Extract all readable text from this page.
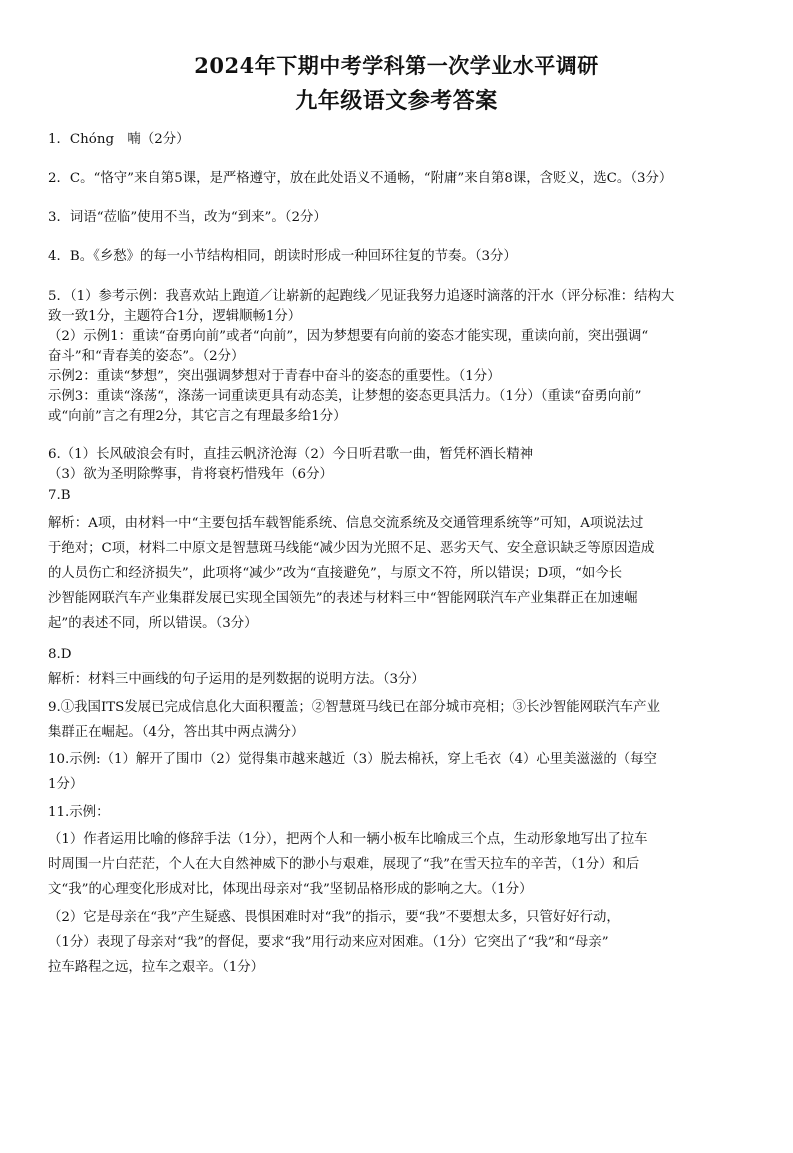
2024年下期中考学科第一次学业水平调研
九年级语文参考答案
1．Chóng　喃（2分）
2．C。“恪守”来自第5课，是严格遵守，放在此处语义不通畅，“附庸”来自第8课，含贬义，选C。（3分）
3．词语“莅临”使用不当，改为“到来”。（2分）
4．B。《乡愁》的每一小节结构相同，朗读时形成一种回环往复的节奏。（3分）
5．（1）参考示例：我喜欢站上跑道／让崭新的起跑线／见证我努力追逐时滴落的汗水（评分标准：结构大
致一致1分，主题符合1分，逻辑顺畅1分）
（2）示例1：重读“奋勇向前”或者“向前”，因为梦想要有向前的姿态才能实现，重读向前，突出强调“
奋斗”和“青春美的姿态”。（2分）
示例2：重读“梦想”，突出强调梦想对于青春中奋斗的姿态的重要性。（1分）
示例3：重读“涤荡“，涤荡一词重读更具有动态美，让梦想的姿态更具活力。（1分）（重读“奋勇向前”
或“向前”言之有理2分，其它言之有理最多给1分）
6.（1）长风破浪会有时，直挂云帆济沧海（2）今日听君歌一曲，暂凭杯酒长精神
（3）欲为圣明除弊事，肯将衰朽惜残年（6分）
7.B
解析：A项，由材料一中“主要包括车载智能系统、信息交流系统及交通管理系统等”可知，A项说法过
于绝对；C项，材料二中原文是智慧斑马线能“减少因为光照不足、恶劣天气、安全意识缺乏等原因造成
的人员伤亡和经济损失”，此项将“减少”改为“直接避免”，与原文不符，所以错误；D项，“如今长
沙智能网联汽车产业集群发展已实现全国领先”的表述与材料三中“智能网联汽车产业集群正在加速崛
起”的表述不同，所以错误。（3分）
8.D
解析：材料三中画线的句子运用的是列数据的说明方法。（3分）
9.①我国ITS发展已完成信息化大面积覆盖；②智慧斑马线已在部分城市亮相；③长沙智能网联汽车产业
集群正在崛起。（4分，答出其中两点满分）
10.示例:（1）解开了围巾（2）觉得集市越来越近（3）脱去棉袄，穿上毛衣（4）心里美滋滋的（每空
1分）
11.示例：
（1）作者运用比喻的修辞手法（1分），把两个人和一辆小板车比喻成三个点，生动形象地写出了拉车
时周围一片白茫茫，个人在大自然神威下的渺小与艰难，展现了“我”在雪天拉车的辛苦，（1分）和后
文“我”的心理变化形成对比，体现出母亲对“我”坚韧品格形成的影响之大。（1分）
（2）它是母亲在“我”产生疑惑、畏惧困难时对“我”的指示，要“我”不要想太多，只管好好行动，
（1分）表现了母亲对“我”的督促，要求“我”用行动来应对困难。（1分）它突出了“我”和“母亲”
拉车路程之远，拉车之艰辛。（1分）
